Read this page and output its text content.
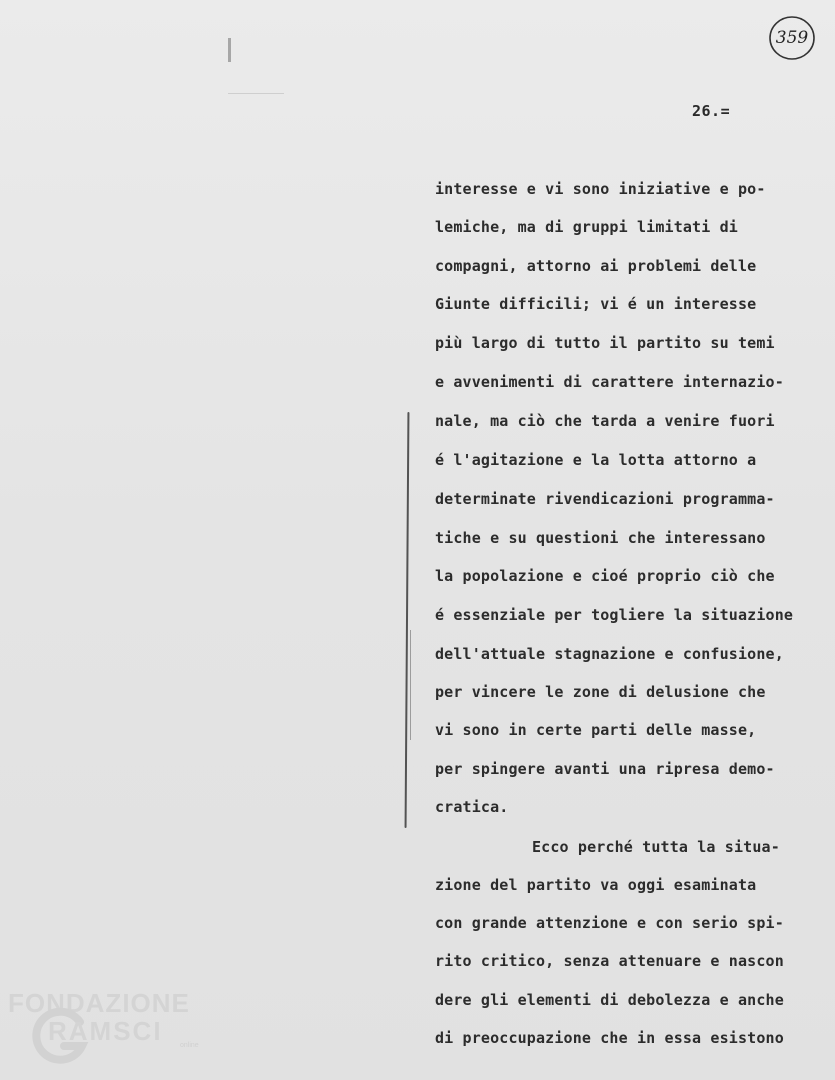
359
26.=
interesse e vi sono iniziative e po-
lemiche, ma di gruppi limitati di
compagni, attorno ai problemi delle
Giunte difficili; vi é un interesse
più largo di tutto il partito su temi
e avvenimenti di carattere internazio-
nale, ma ciò che tarda a venire fuori
é l'agitazione e la lotta attorno a
determinate rivendicazioni programma-
tiche e su questioni che interessano
la popolazione e cioé proprio ciò che
é essenziale per togliere la situazione
dell'attuale stagnazione e confusione,
per vincere le zone di delusione che
vi sono in certe parti delle masse,
per spingere avanti una ripresa demo-
cratica.
Ecco perché tutta la situa-
zione del partito va oggi esaminata
con grande attenzione e con serio spi-
rito critico, senza attenuare e nascon
dere gli elementi di debolezza e anche
di preoccupazione che in essa esistono
FONDAZIONE
RAMSCI online
